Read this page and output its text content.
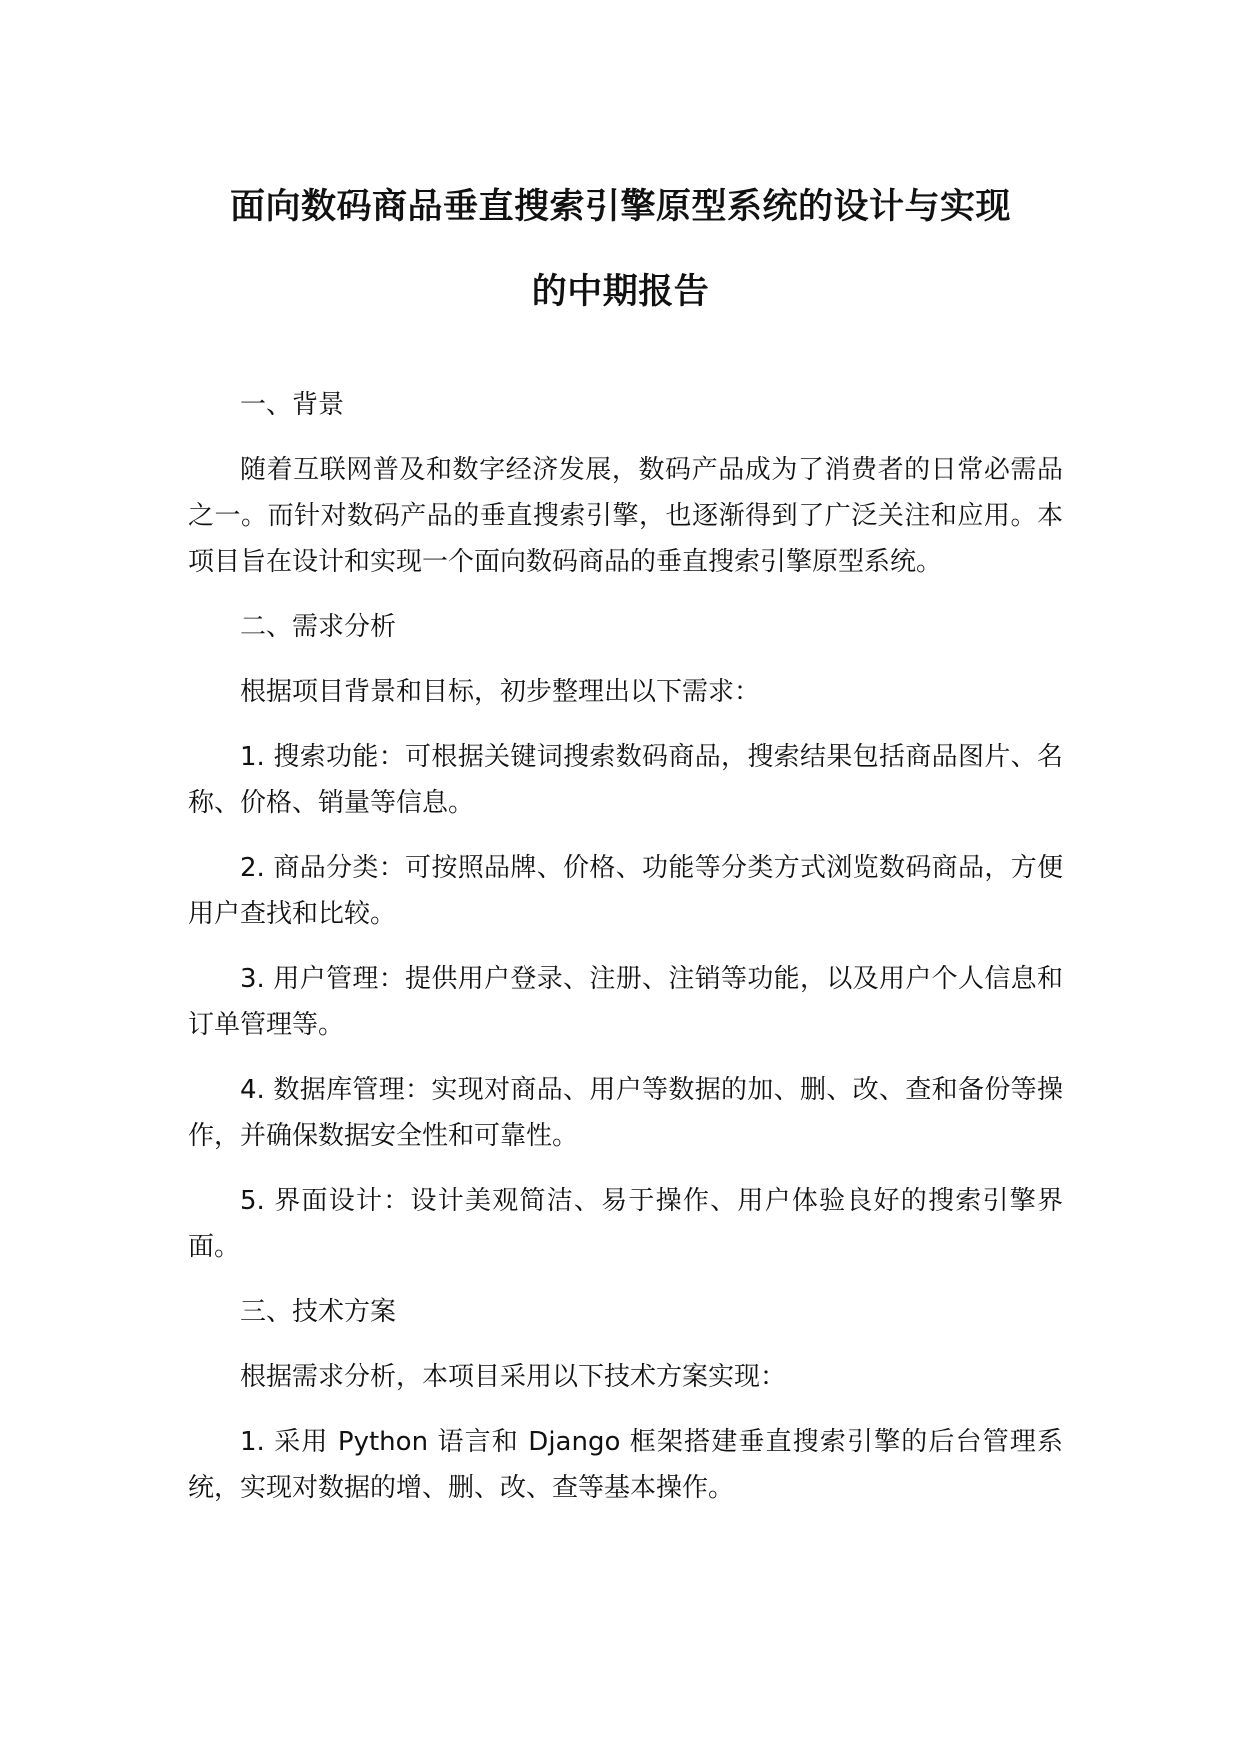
面向数码商品垂直搜索引擎原型系统的设计与实现
的中期报告
一、背景

随着互联网普及和数字经济发展，数码产品成为了消费者的日常必需品之一。而针对数码产品的垂直搜索引擎，也逐渐得到了广泛关注和应用。本项目旨在设计和实现一个面向数码商品的垂直搜索引擎原型系统。

二、需求分析

根据项目背景和目标，初步整理出以下需求：

1. 搜索功能：可根据关键词搜索数码商品，搜索结果包括商品图片、名称、价格、销量等信息。

2. 商品分类：可按照品牌、价格、功能等分类方式浏览数码商品，方便用户查找和比较。

3. 用户管理：提供用户登录、注册、注销等功能，以及用户个人信息和订单管理等。

4. 数据库管理：实现对商品、用户等数据的加、删、改、查和备份等操作，并确保数据安全性和可靠性。

5. 界面设计：设计美观简洁、易于操作、用户体验良好的搜索引擎界面。

三、技术方案

根据需求分析，本项目采用以下技术方案实现：

1. 采用 Python 语言和 Django 框架搭建垂直搜索引擎的后台管理系统，实现对数据的增、删、改、查等基本操作。
